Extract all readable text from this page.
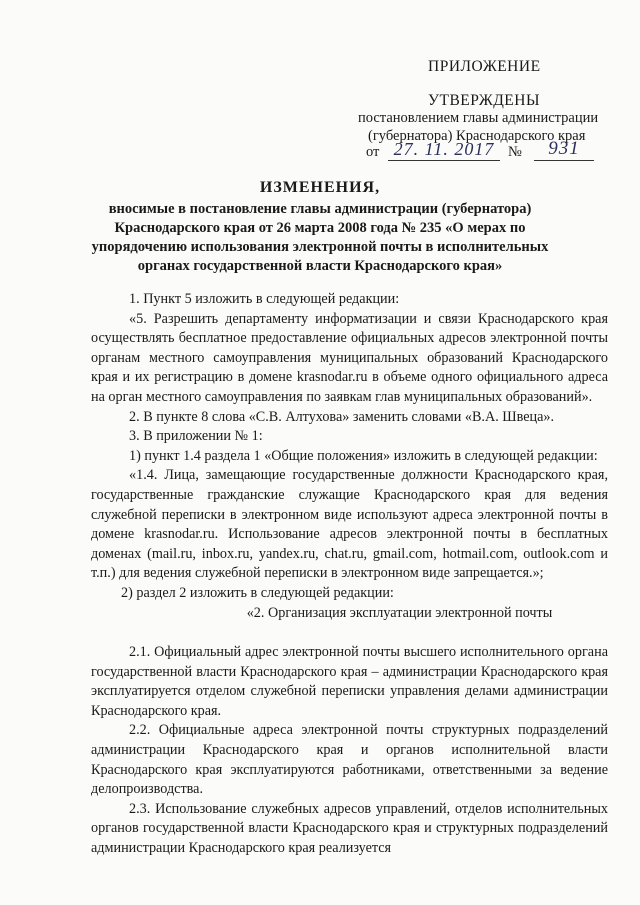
ПРИЛОЖЕНИЕ
УТВЕРЖДЕНЫ
постановлением главы администрации
(губернатора) Краснодарского края
от 27. 11. 2017 №	931
ИЗМЕНЕНИЯ,
вносимые в постановление главы администрации (губернатора) Краснодарского края от 26 марта 2008 года № 235 «О мерах по упорядочению использования электронной почты в исполнительных органах государственной власти Краснодарского края»

1. Пункт 5 изложить в следующей редакции:

«5. Разрешить департаменту информатизации и связи Краснодарского края осуществлять бесплатное предоставление официальных адресов электронной почты органам местного самоуправления муниципальных образований Краснодарского края и их регистрацию в домене krasnodar.ru в объеме одного официального адреса на орган местного самоуправления по заявкам глав муниципальных образований».

2. В пункте 8 слова «С.В. Алтухова» заменить словами «В.А. Швеца».

3. В приложении № 1:

1) пункт 1.4 раздела 1 «Общие положения» изложить в следующей редакции:

«1.4. Лица, замещающие государственные должности Краснодарского края, государственные гражданские служащие Краснодарского края для ведения служебной переписки в электронном виде используют адреса электронной почты в домене krasnodar.ru. Использование адресов электронной почты в бесплатных доменах (mail.ru, inbox.ru, yandex.ru, chat.ru, gmail.com, hotmail.com, outlook.com и т.п.) для ведения служебной переписки в электронном виде запрещается.»;

2) раздел 2 изложить в следующей редакции:

«2. Организация эксплуатации электронной почты

2.1. Официальный адрес электронной почты высшего исполнительного органа государственной власти Краснодарского края – администрации Краснодарского края эксплуатируется отделом служебной переписки управления делами администрации Краснодарского края.

2.2. Официальные адреса электронной почты структурных подразделений администрации Краснодарского края и органов исполнительной власти Краснодарского края эксплуатируются работниками, ответственными за ведение делопроизводства.

2.3. Использование служебных адресов управлений, отделов исполнительных органов государственной власти Краснодарского края и структурных подразделений администрации Краснодарского края реализуется
